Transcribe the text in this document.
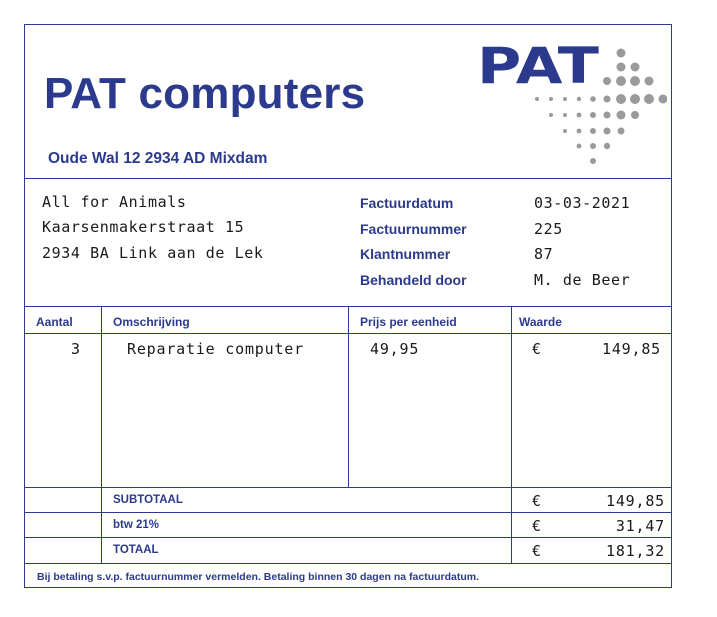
PAT computers
Oude Wal 12 2934 AD Mixdam
PAT
All for Animals
Kaarsenmakerstraat 15
2934 BA Link aan de Lek
Factuurdatum	03-03-2021
Factuurnummer	225
Klantnummer	87
Behandeld door	M. de Beer
Aantal	Omschrijving	Prijs per eenheid	Waarde
3	Reparatie computer	49,95	€	149,85
SUBTOTAAL	€	149,85
btw 21%	€	31,47
TOTAAL	€	181,32
Bij betaling s.v.p. factuurnummer vermelden. Betaling binnen 30 dagen na factuurdatum.
